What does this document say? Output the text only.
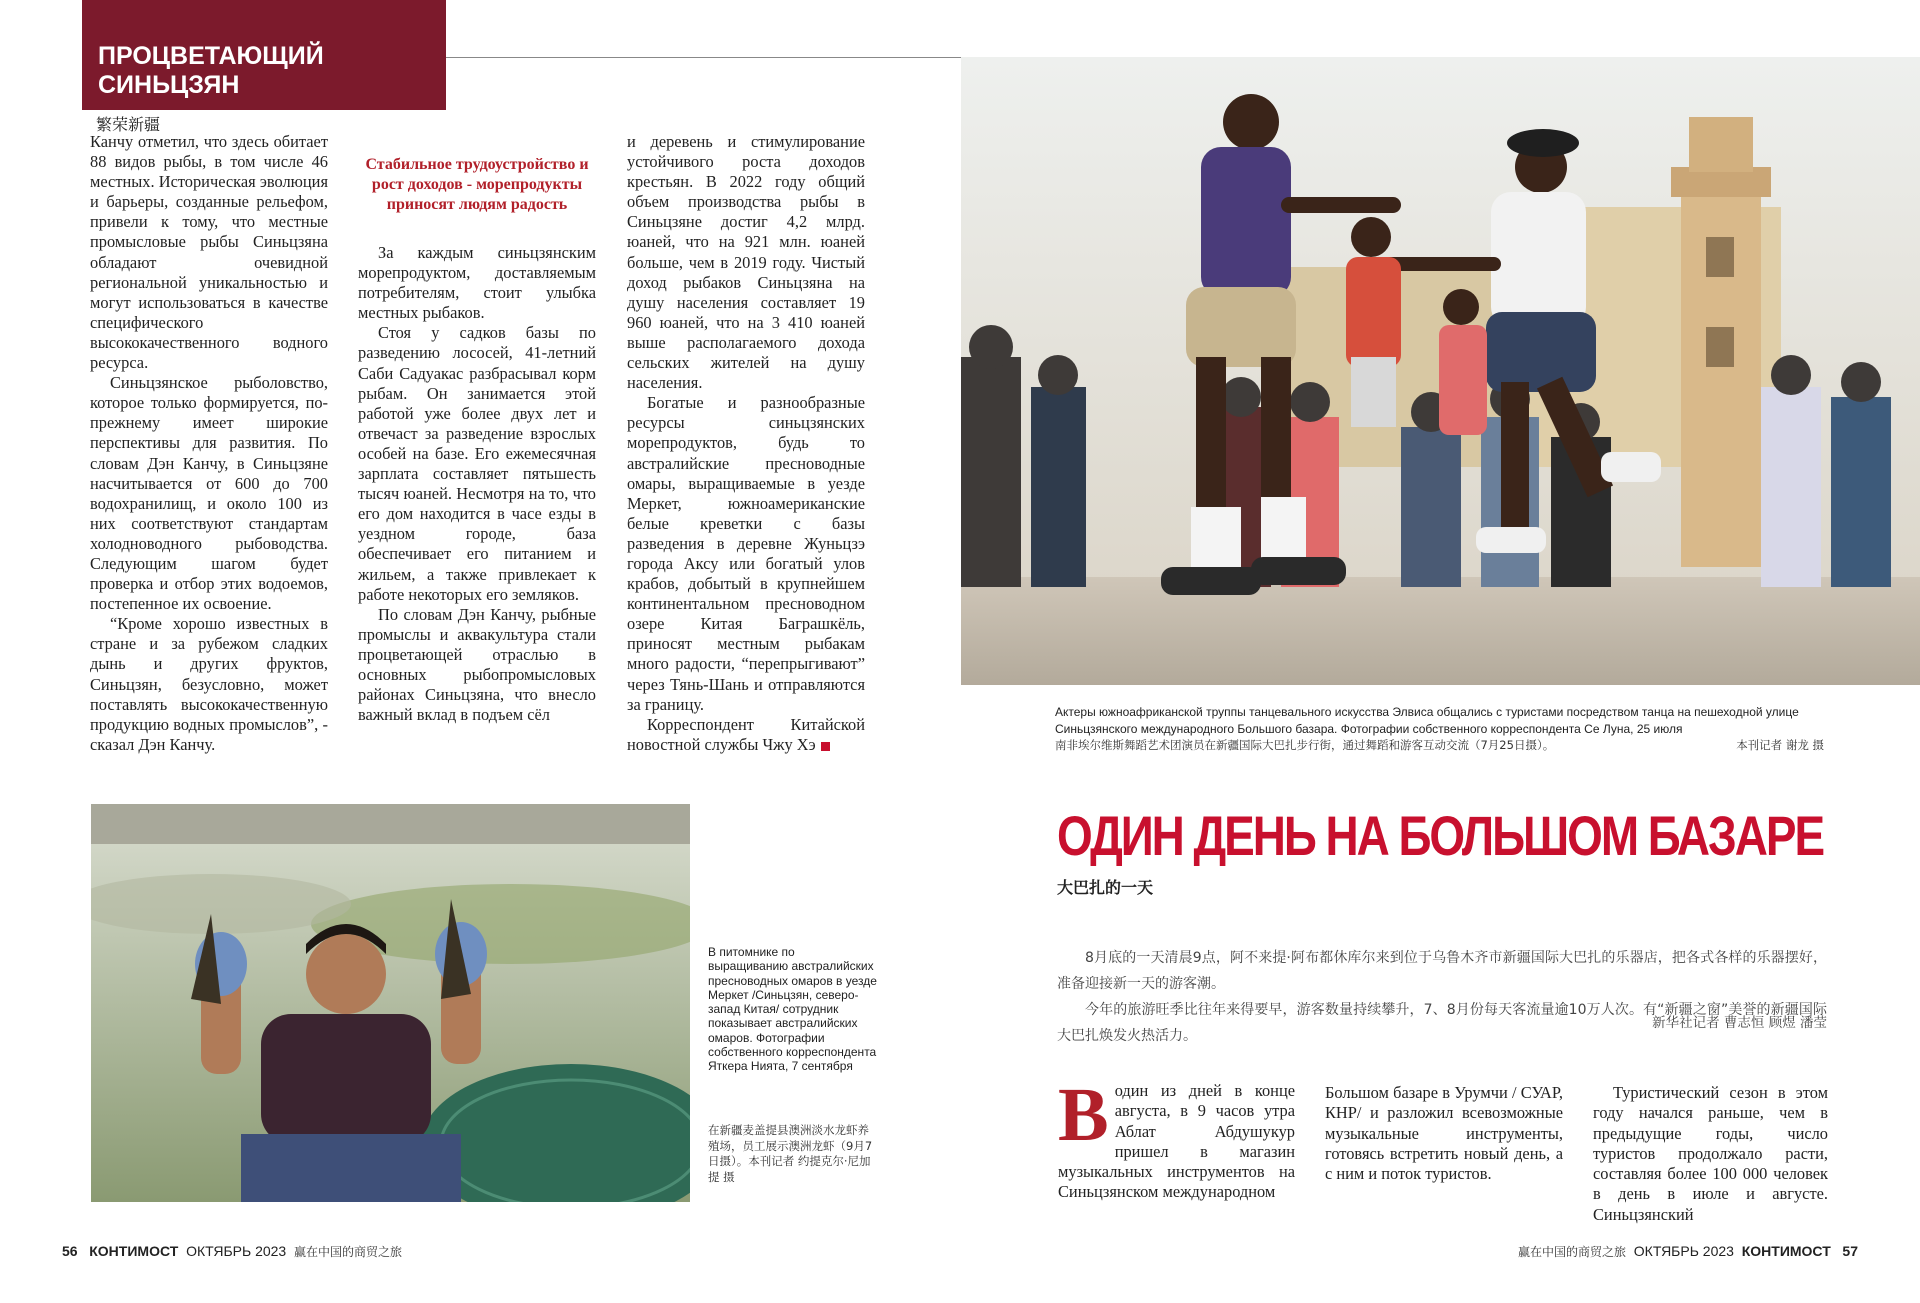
ПРОЦВЕТАЮЩИЙ
СИНЬЦЗЯН
繁荣新疆

Канчу отметил, что здесь обитает 88 видов рыбы, в том числе 46 местных. Историческая эволюция и барьеры, созданные рельефом, привели к тому, что местные промысловые рыбы Синьцзяна обладают очевидной региональной уникальностью и могут использоваться в качестве специфического высококачественного водного ресурса.

Синьцзянское рыболовство, которое только формируется, по-прежнему имеет широкие перспективы для развития. По словам Дэн Канчу, в Синьцзяне насчитывается от 600 до 700 водохранилищ, и около 100 из них соответствуют стандартам холодноводного рыбоводства. Следующим шагом будет проверка и отбор этих водоемов, постепенное их освоение.

“Кроме хорошо известных в стране и за рубежом сладких дынь и других фруктов, Синьцзян, безусловно, может поставлять высококачественную продукцию водных промыслов”, - сказал Дэн Канчу.

Стабильное трудоустройство и рост доходов - морепродукты приносят людям радость

За каждым синьцзянским морепродуктом, доставляемым потребителям, стоит улыбка местных рыбаков.

Стоя у садков базы по разведению лососей, 41-летний Саби Садуакас разбрасывал корм рыбам. Он занимается этой работой уже более двух лет и отвечаст за разведение взрослых особей на базе. Его ежемесячная зарплата составляет пятьшесть тысяч юаней. Несмотря на то, что его дом находится в часе езды в уездном городе, база обеспечивает его питанием и жильем, а также привлекает к работе некоторых его земляков.

По словам Дэн Канчу, рыбные промыслы и аквакультура стали процветающей отраслью в основных рыбопромысловых районах Синьцзяна, что внесло важный вклад в подъем сёл

и деревень и стимулирование устойчивого роста доходов крестьян. В 2022 году общий объем производства рыбы в Синьцзяне достиг 4,2 млрд. юаней, что на 921 млн. юаней больше, чем в 2019 году. Чистый доход рыбаков Синьцзяна на душу населения составляет 19 960 юаней, что на 3 410 юаней выше располагаемого дохода сельских жителей на душу населения.

Богатые и разнообразные ресурсы синьцзянских морепродуктов, будь то австралийские пресноводные омары, выращиваемые в уезде Меркет, южноамериканские белые креветки с базы разведения в деревне Жуньцзэ города Аксу или богатый улов крабов, добытый в крупнейшем континентальном пресноводном озере Китая Баграшкёль, приносят местным рыбакам много радости, “перепрыгивают” через Тянь-Шань и отправляются за границу.

Корреспондент Китайской новостной службы Чжу Хэ

Актеры южноафриканской труппы танцевального искусства Элвиса общались с туристами посредством танца на пешеходной улице Синьцзянского международного Большого базара. Фотографии собственного корреспондента Се Луна, 25 июля
南非埃尔维斯舞蹈艺术团演员在新疆国际大巴扎步行街，通过舞蹈和游客互动交流（7月25日摄）。	本刊记者 谢龙 摄
В питомнике по выращиванию австралийских пресноводных омаров в уезде Меркет /Синьцзян, северо-запад Китая/ сотрудник показывает австралийских омаров. Фотографии собственного корреспондента Яткера Ниятa, 7 сентября
在新疆麦盖提县澳洲淡水龙虾养殖场，员工展示澳洲龙虾（9月7日摄）。本刊记者 约提克尔·尼加提 摄
ОДИН ДЕНЬ НА БОЛЬШОМ БАЗАРЕ
大巴扎的一天

8月底的一天清晨9点，阿不来提·阿布都休库尔来到位于乌鲁木齐市新疆国际大巴扎的乐器店，把各式各样的乐器摆好，准备迎接新一天的游客潮。

今年的旅游旺季比往年来得要早，游客数量持续攀升，7、8月份每天客流量逾10万人次。有“新疆之窗”美誉的新疆国际大巴扎焕发火热活力。

新华社记者 曹志恒 顾煜 潘莹
В один из дней в конце августа, в 9 часов утра Аблат Абдушукур пришел в магазин музыкальных инструментов на Синьцзянском международном

Большом базаре в Урумчи / СУАР, КНР/ и разложил всевозможные музыкальные инструменты, готовясь встретить новый день, а с ним и поток туристов.

Туристический сезон в этом году начался раньше, чем в предыдущие годы, число туристов продолжало расти, составляя более 100 000 человек в день в июле и августе. Синьцзянский

56 КОНТИМОСТ ОКТЯБРЬ 2023 赢在中国的商贸之旅	赢在中国的商贸之旅 ОКТЯБРЬ 2023 КОНТИМОСТ 57
